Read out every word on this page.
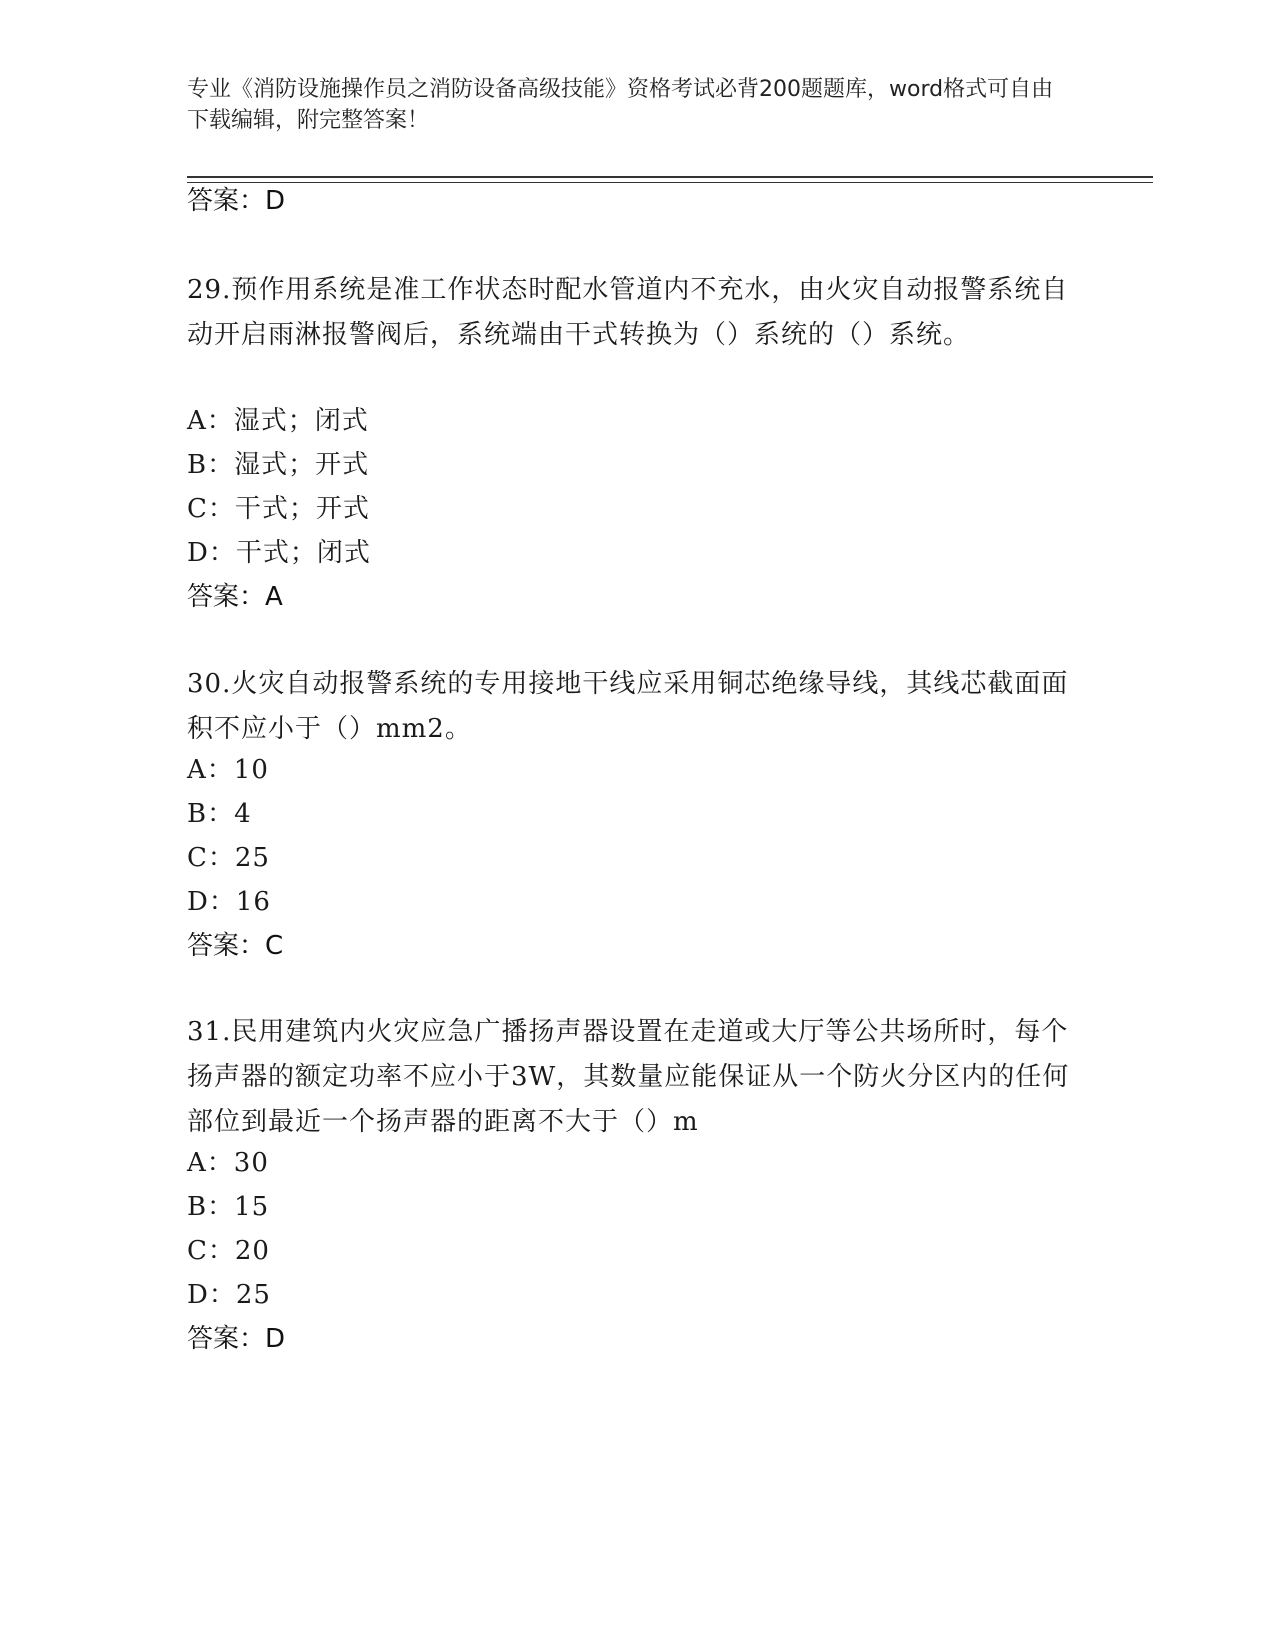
专业《消防设施操作员之消防设备高级技能》资格考试必背200题题库，word格式可自由下载编辑，附完整答案！
答案：D
29.预作用系统是准工作状态时配水管道内不充水，由火灾自动报警系统自动开启雨淋报警阀后，系统端由干式转换为（）系统的（）系统。
A：湿式；闭式
B：湿式；开式
C：干式；开式
D：干式；闭式
答案：A
30.火灾自动报警系统的专用接地干线应采用铜芯绝缘导线，其线芯截面面积不应小于（）mm2。
A：10
B：4
C：25
D：16
答案：C
31.民用建筑内火灾应急广播扬声器设置在走道或大厅等公共场所时，每个扬声器的额定功率不应小于3W，其数量应能保证从一个防火分区内的任何部位到最近一个扬声器的距离不大于（）m
A：30
B：15
C：20
D：25
答案：D
